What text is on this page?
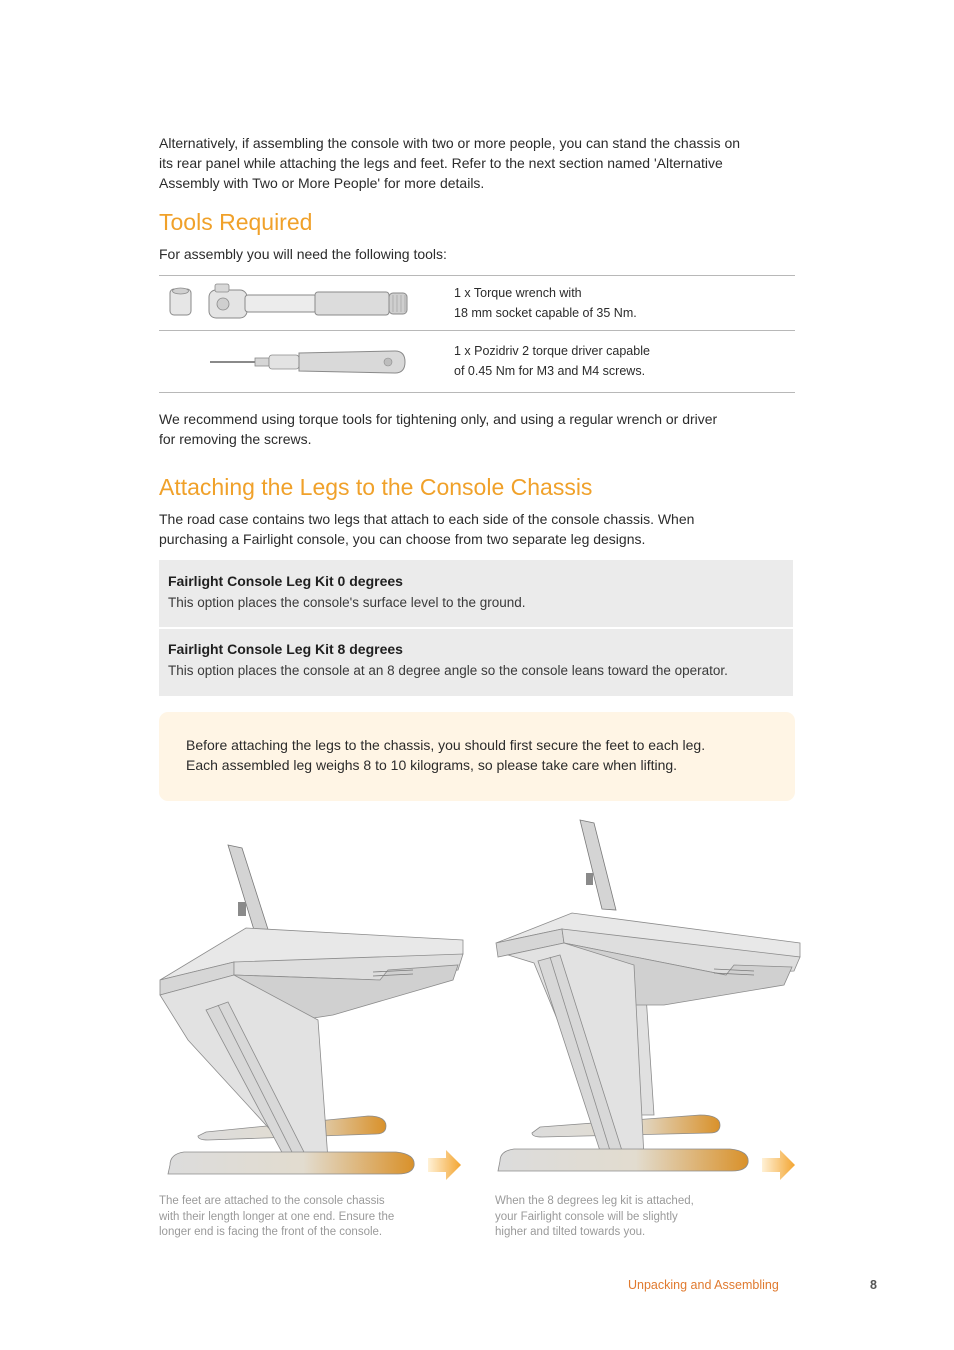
Alternatively, if assembling the console with two or more people, you can stand the chassis on
its rear panel while attaching the legs and feet. Refer to the next section named 'Alternative
Assembly with Two or More People' for more details.

Tools Required

For assembly you will need the following tools:

1 x Torque wrench with
18 mm socket capable of 35 Nm.
1 x Pozidriv 2 torque driver capable
of 0.45 Nm for M3 and M4 screws.

We recommend using torque tools for tightening only, and using a regular wrench or driver
for removing the screws.

Attaching the Legs to the Console Chassis

The road case contains two legs that attach to each side of the console chassis. When
purchasing a Fairlight console, you can choose from two separate leg designs.

Fairlight Console Leg Kit 0 degrees
This option places the console's surface level to the ground.
Fairlight Console Leg Kit 8 degrees
This option places the console at an 8 degree angle so the console leans toward the operator.
Before attaching the legs to the chassis, you should first secure the feet to each leg.
Each assembled leg weighs 8 to 10 kilograms, so please take care when lifting.
The feet are attached to the console chassis
with their length longer at one end. Ensure the
longer end is facing the front of the console.
When the 8 degrees leg kit is attached,
your Fairlight console will be slightly
higher and tilted towards you.
Unpacking and Assembling	8
